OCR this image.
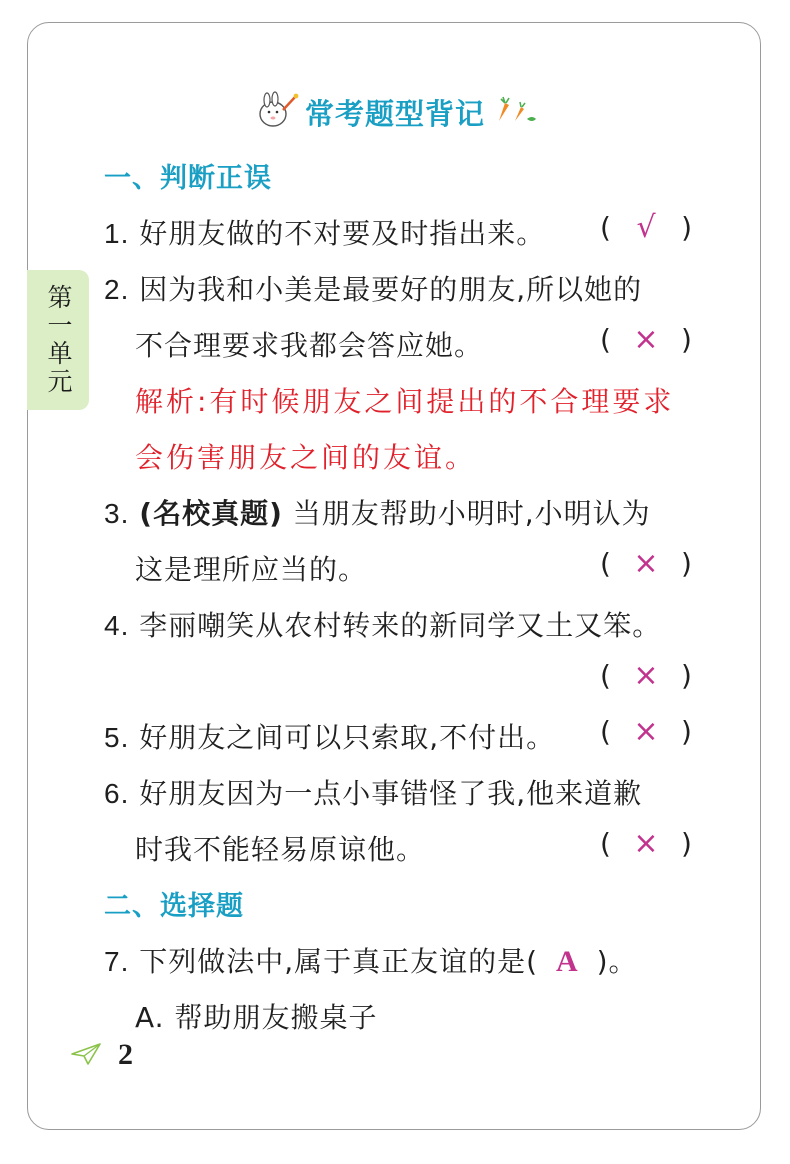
常考题型背记
第一单元
一、判断正误
1. 好朋友做的不对要及时指出来。 ( √ )
2. 因为我和小美是最要好的朋友,所以她的
不合理要求我都会答应她。	( × )
解析:有时候朋友之间提出的不合理要求
会伤害朋友之间的友谊。
3. (名校真题) 当朋友帮助小明时,小明认为
这是理所应当的。	( × )
4. 李丽嘲笑从农村转来的新同学又土又笨。
( × )
5. 好朋友之间可以只索取,不付出。 ( × )
6. 好朋友因为一点小事错怪了我,他来道歉
时我不能轻易原谅他。	( × )
二、选择题
7. 下列做法中,属于真正友谊的是( A )。
A. 帮助朋友搬桌子
2
